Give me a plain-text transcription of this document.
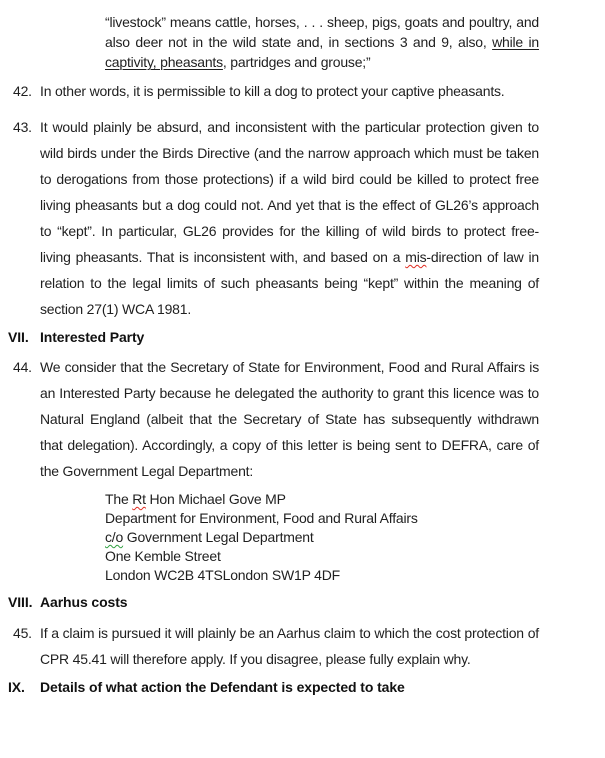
“livestock” means cattle, horses, . . . sheep, pigs, goats and poultry, and also deer not in the wild state and, in sections 3 and 9, also, while in captivity, pheasants, partridges and grouse;”
42. In other words, it is permissible to kill a dog to protect your captive pheasants.
43. It would plainly be absurd, and inconsistent with the particular protection given to wild birds under the Birds Directive (and the narrow approach which must be taken to derogations from those protections) if a wild bird could be killed to protect free living pheasants but a dog could not. And yet that is the effect of GL26’s approach to “kept”. In particular, GL26 provides for the killing of wild birds to protect free-living pheasants. That is inconsistent with, and based on a mis-direction of law in relation to the legal limits of such pheasants being “kept” within the meaning of section 27(1) WCA 1981.
VII. Interested Party
44. We consider that the Secretary of State for Environment, Food and Rural Affairs is an Interested Party because he delegated the authority to grant this licence was to Natural England (albeit that the Secretary of State has subsequently withdrawn that delegation). Accordingly, a copy of this letter is being sent to DEFRA, care of the Government Legal Department:
The Rt Hon Michael Gove MP
Department for Environment, Food and Rural Affairs
c/o Government Legal Department
One Kemble Street
London WC2B 4TSLondon SW1P 4DF
VIII. Aarhus costs
45. If a claim is pursued it will plainly be an Aarhus claim to which the cost protection of CPR 45.41 will therefore apply. If you disagree, please fully explain why.
IX. Details of what action the Defendant is expected to take
